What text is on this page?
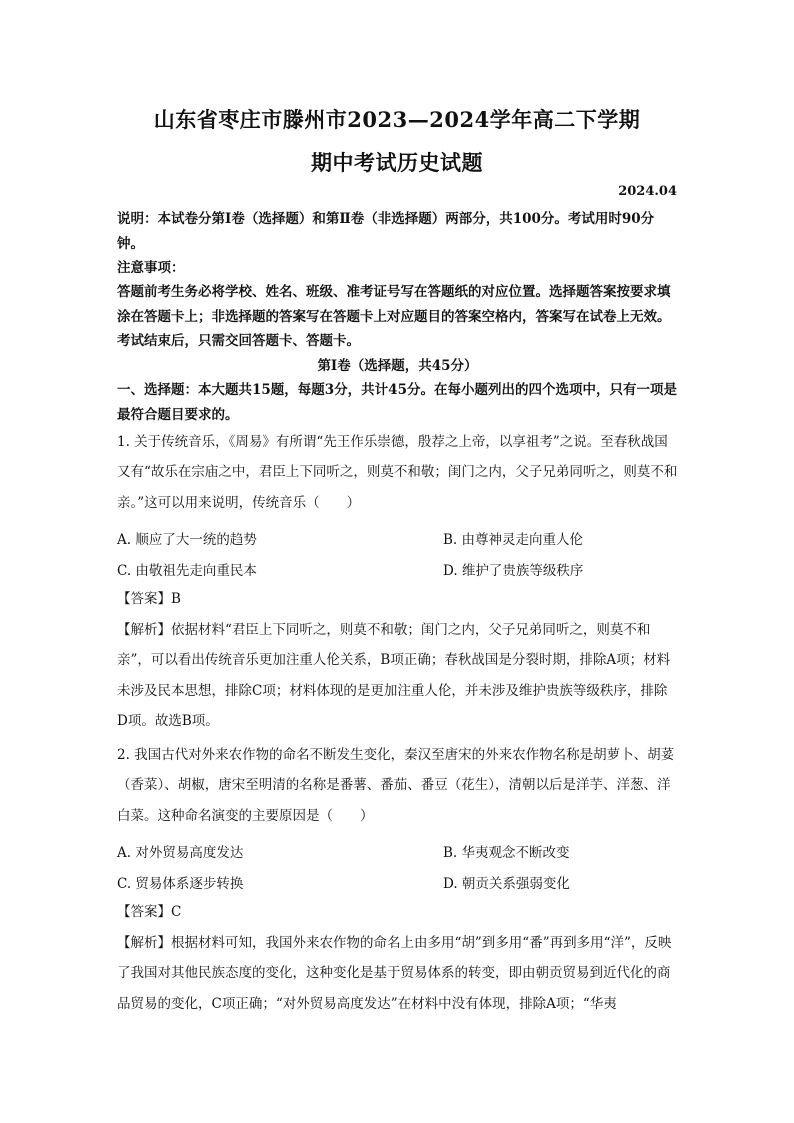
山东省枣庄市滕州市2023—2024学年高二下学期
期中考试历史试题
2024.04
说明：本试卷分第Ⅰ卷（选择题）和第Ⅱ卷（非选择题）两部分，共100分。考试用时90分钟。
注意事项：
答题前考生务必将学校、姓名、班级、准考证号写在答题纸的对应位置。选择题答案按要求填涂在答题卡上；非选择题的答案写在答题卡上对应题目的答案空格内，答案写在试卷上无效。考试结束后，只需交回答题卡、答题卡。
第Ⅰ卷（选择题，共45分）
一、选择题：本大题共15题，每题3分，共计45分。在每小题列出的四个选项中，只有一项是最符合题目要求的。
1. 关于传统音乐，《周易》有所谓“先王作乐崇德，殷荐之上帝，以享祖考”之说。至春秋战国又有“故乐在宗庙之中，君臣上下同听之，则莫不和敬；闺门之内，父子兄弟同听之，则莫不和亲。”这可以用来说明，传统音乐（　　）
A. 顺应了大一统的趋势	B. 由尊神灵走向重人伦
C. 由敬祖先走向重民本	D. 维护了贵族等级秩序
【答案】B
【解析】依据材料“君臣上下同听之，则莫不和敬；闺门之内，父子兄弟同听之，则莫不和亲”，可以看出传统音乐更加注重人伦关系，B项正确；春秋战国是分裂时期，排除A项；材料未涉及民本思想，排除C项；材料体现的是更加注重人伦，并未涉及维护贵族等级秩序，排除D项。故选B项。
2. 我国古代对外来农作物的命名不断发生变化，秦汉至唐宋的外来农作物名称是胡萝卜、胡荽（香菜）、胡椒，唐宋至明清的名称是番薯、番茄、番豆（花生），清朝以后是洋芋、洋葱、洋白菜。这种命名演变的主要原因是（　　）
A. 对外贸易高度发达	B. 华夷观念不断改变
C. 贸易体系逐步转换	D. 朝贡关系强弱变化
【答案】C
【解析】根据材料可知，我国外来农作物的命名上由多用“胡”到多用“番”再到多用“洋”，反映了我国对其他民族态度的变化，这种变化是基于贸易体系的转变，即由朝贡贸易到近代化的商品贸易的变化，C项正确；“对外贸易高度发达”在材料中没有体现，排除A项；“华夷
